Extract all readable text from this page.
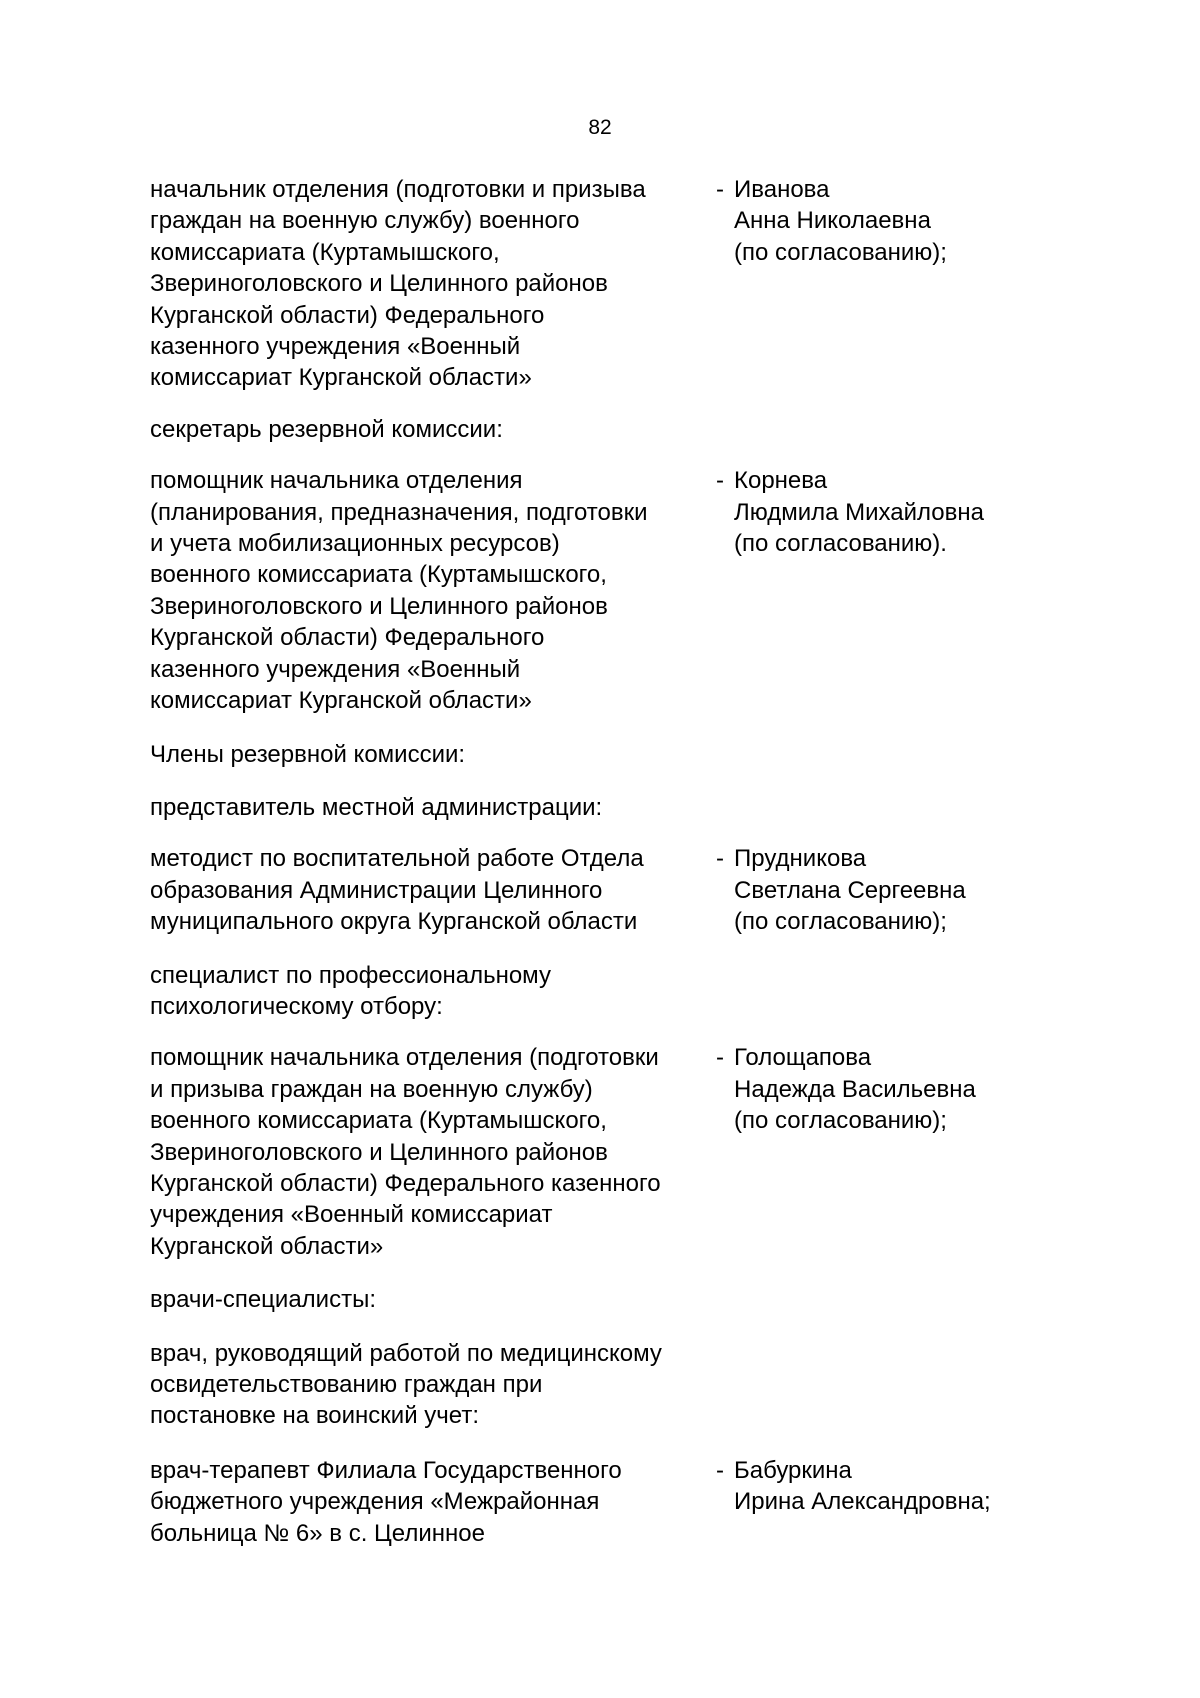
82
начальник отделения (подготовки и призыва
граждан на военную службу) военного
комиссариата (Куртамышского,
Звериноголовского и Целинного районов
Курганской области) Федерального
казенного учреждения «Военный
комиссариат Курганской области»
- Иванова
Анна Николаевна
(по согласованию);
секретарь резервной комиссии:
помощник начальника отделения
(планирования, предназначения, подготовки
и учета мобилизационных ресурсов)
военного комиссариата (Куртамышского,
Звериноголовского и Целинного районов
Курганской области) Федерального
казенного учреждения «Военный
комиссариат Курганской области»
- Корнева
Людмила Михайловна
(по согласованию).
Члены резервной комиссии:
представитель местной администрации:
методист по воспитательной работе Отдела
образования Администрации Целинного
муниципального округа Курганской области
- Прудникова
Светлана Сергеевна
(по согласованию);
специалист по профессиональному
психологическому отбору:
помощник начальника отделения (подготовки
и призыва граждан на военную службу)
военного комиссариата (Куртамышского,
Звериноголовского и Целинного районов
Курганской области) Федерального казенного
учреждения «Военный комиссариат
Курганской области»
- Голощапова
Надежда Васильевна
(по согласованию);
врачи-специалисты:
врач, руководящий работой по медицинскому
освидетельствованию граждан при
постановке на воинский учет:
врач-терапевт Филиала Государственного
бюджетного учреждения «Межрайонная
больница № 6» в с. Целинное
- Бабуркина
Ирина Александровна;
